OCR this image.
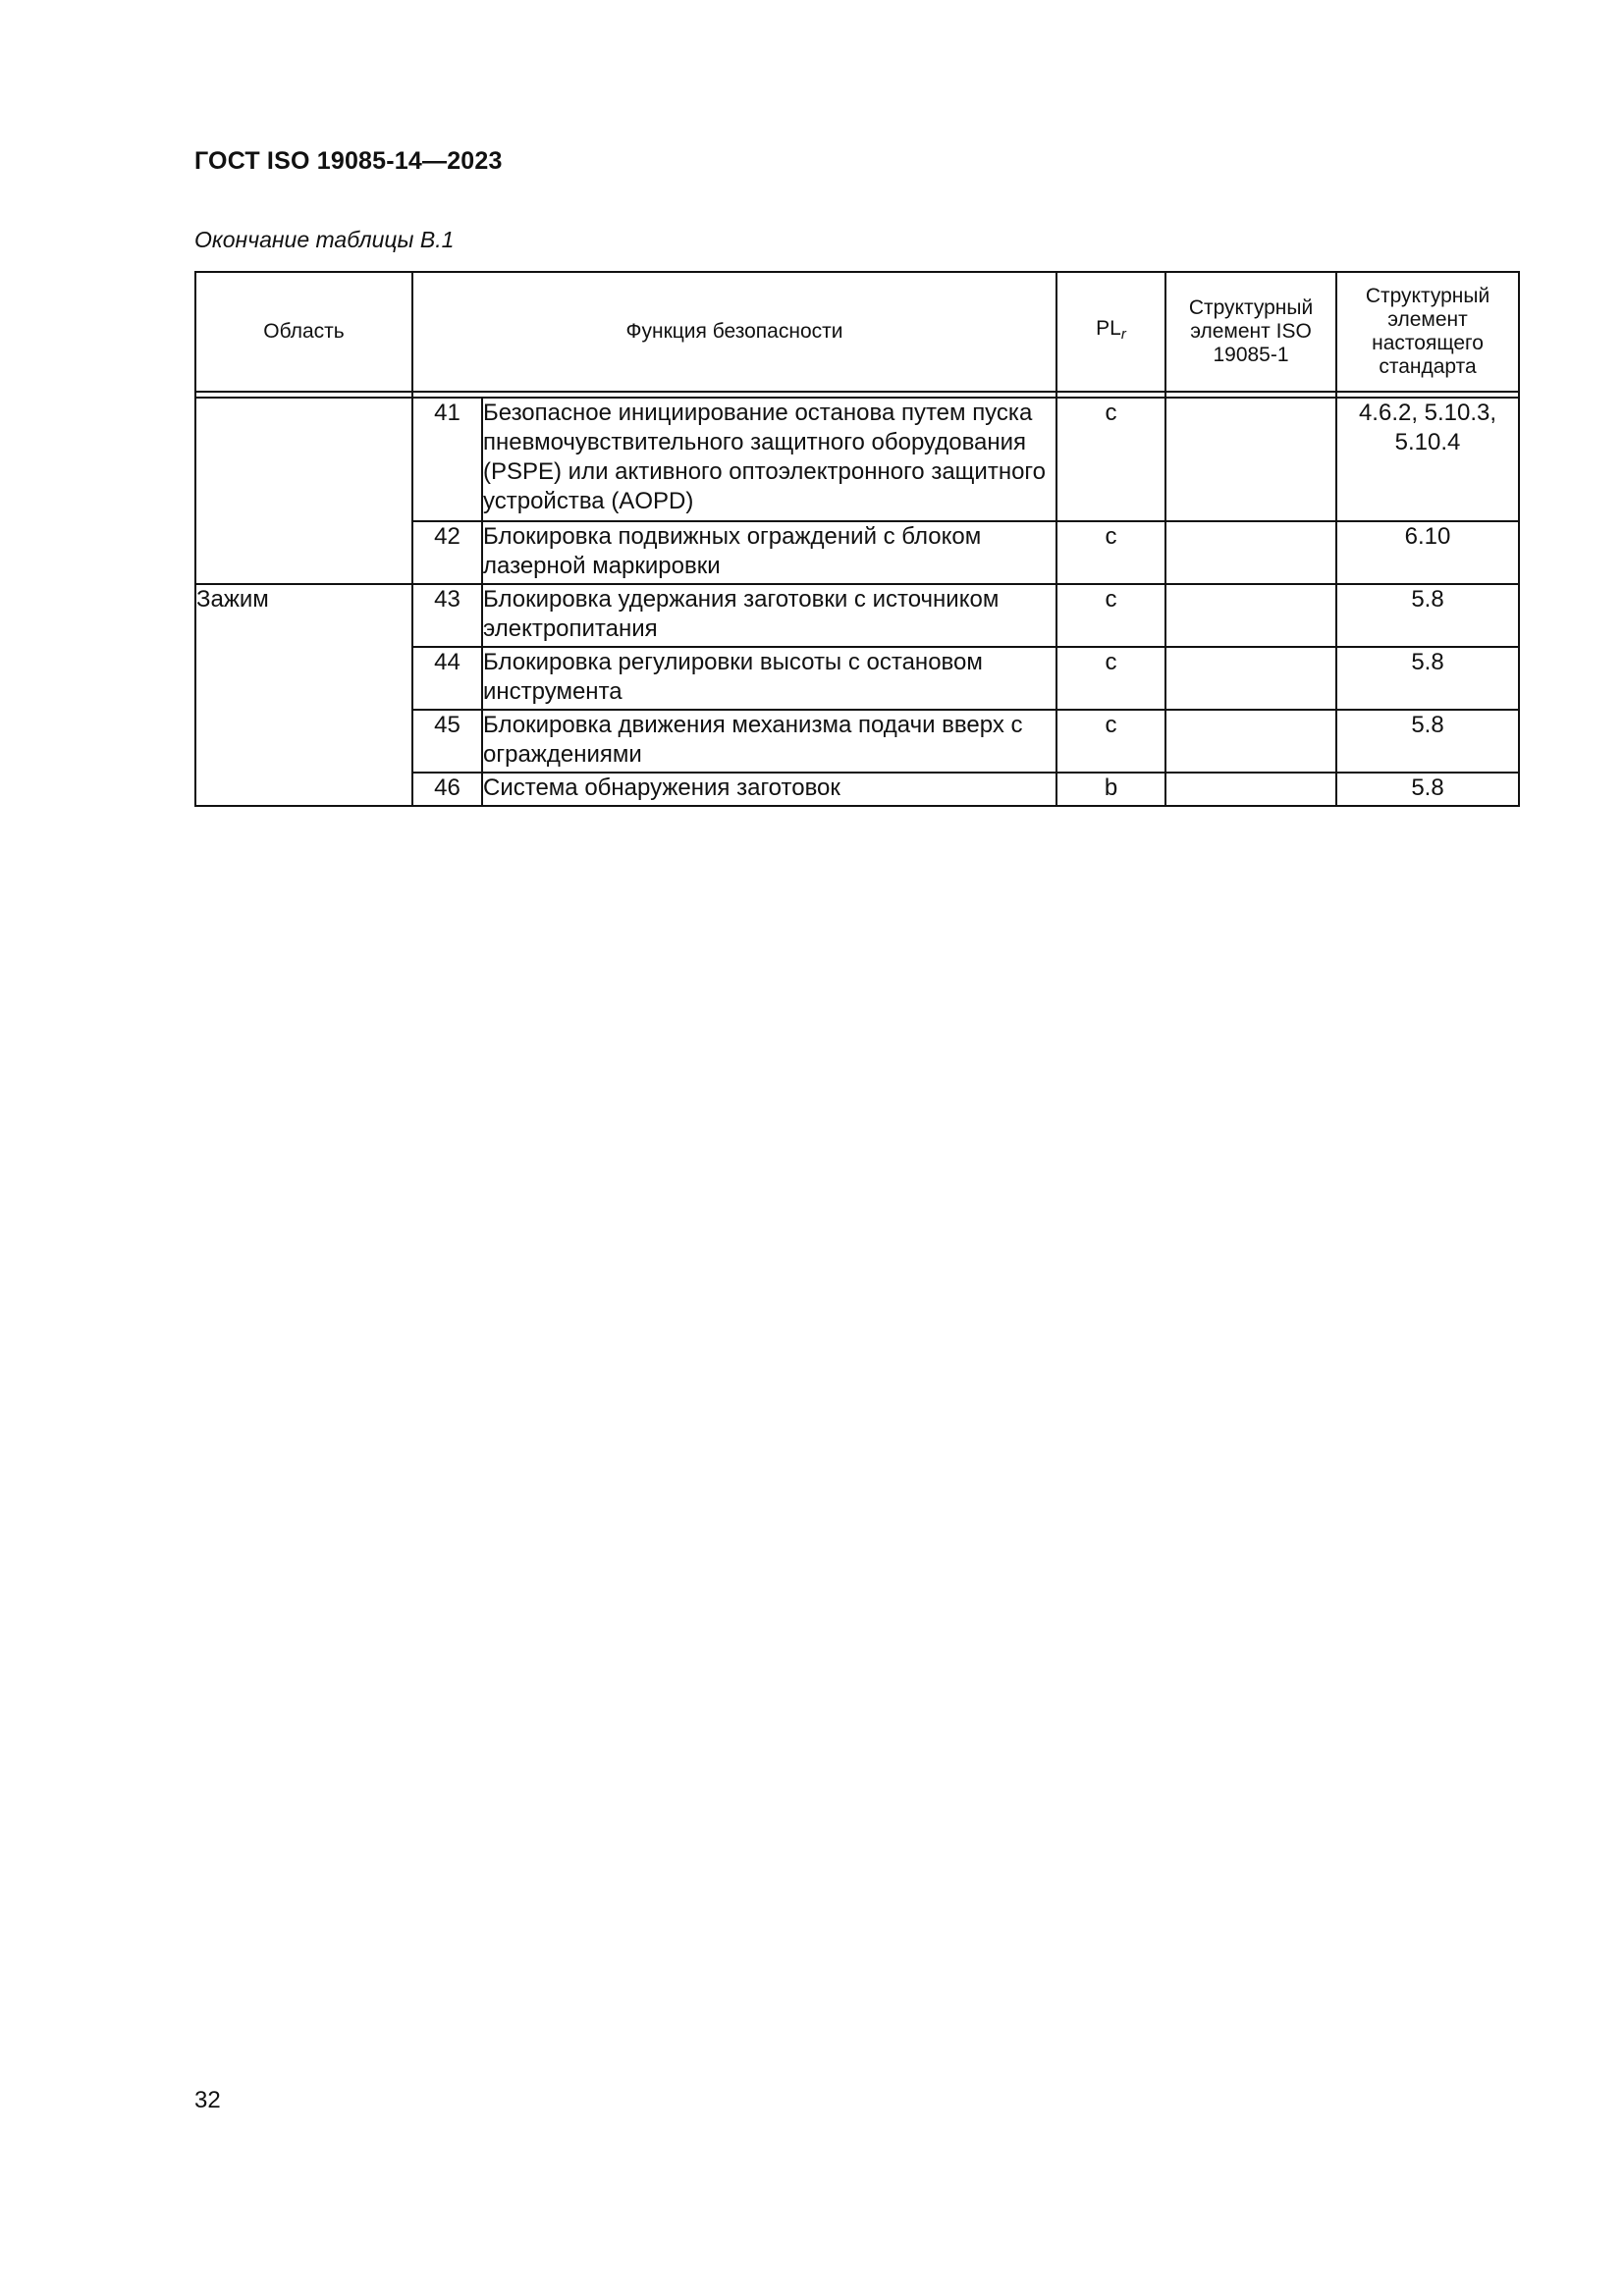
ГОСТ ISO 19085-14—2023
Окончание таблицы В.1
Область	Функция безопасности		PLr	Структурный элемент ISO 19085-1	Структурный элемент настоящего стандарта

	41	Безопасное инициирование останова путем пуска пневмочувствительного защитного оборудования (PSPE) или активного оптоэлектронного защитного устройства (AOPD)	c		4.6.2, 5.10.3, 5.10.4
	42	Блокировка подвижных ограждений с блоком лазерной маркировки	c		6.10
Зажим	43	Блокировка удержания заготовки с источником электропитания	c		5.8
	44	Блокировка регулировки высоты с остановом инструмента	c		5.8
	45	Блокировка движения механизма подачи вверх с ограждениями	c		5.8
	46	Система обнаружения заготовок	b		5.8
32
